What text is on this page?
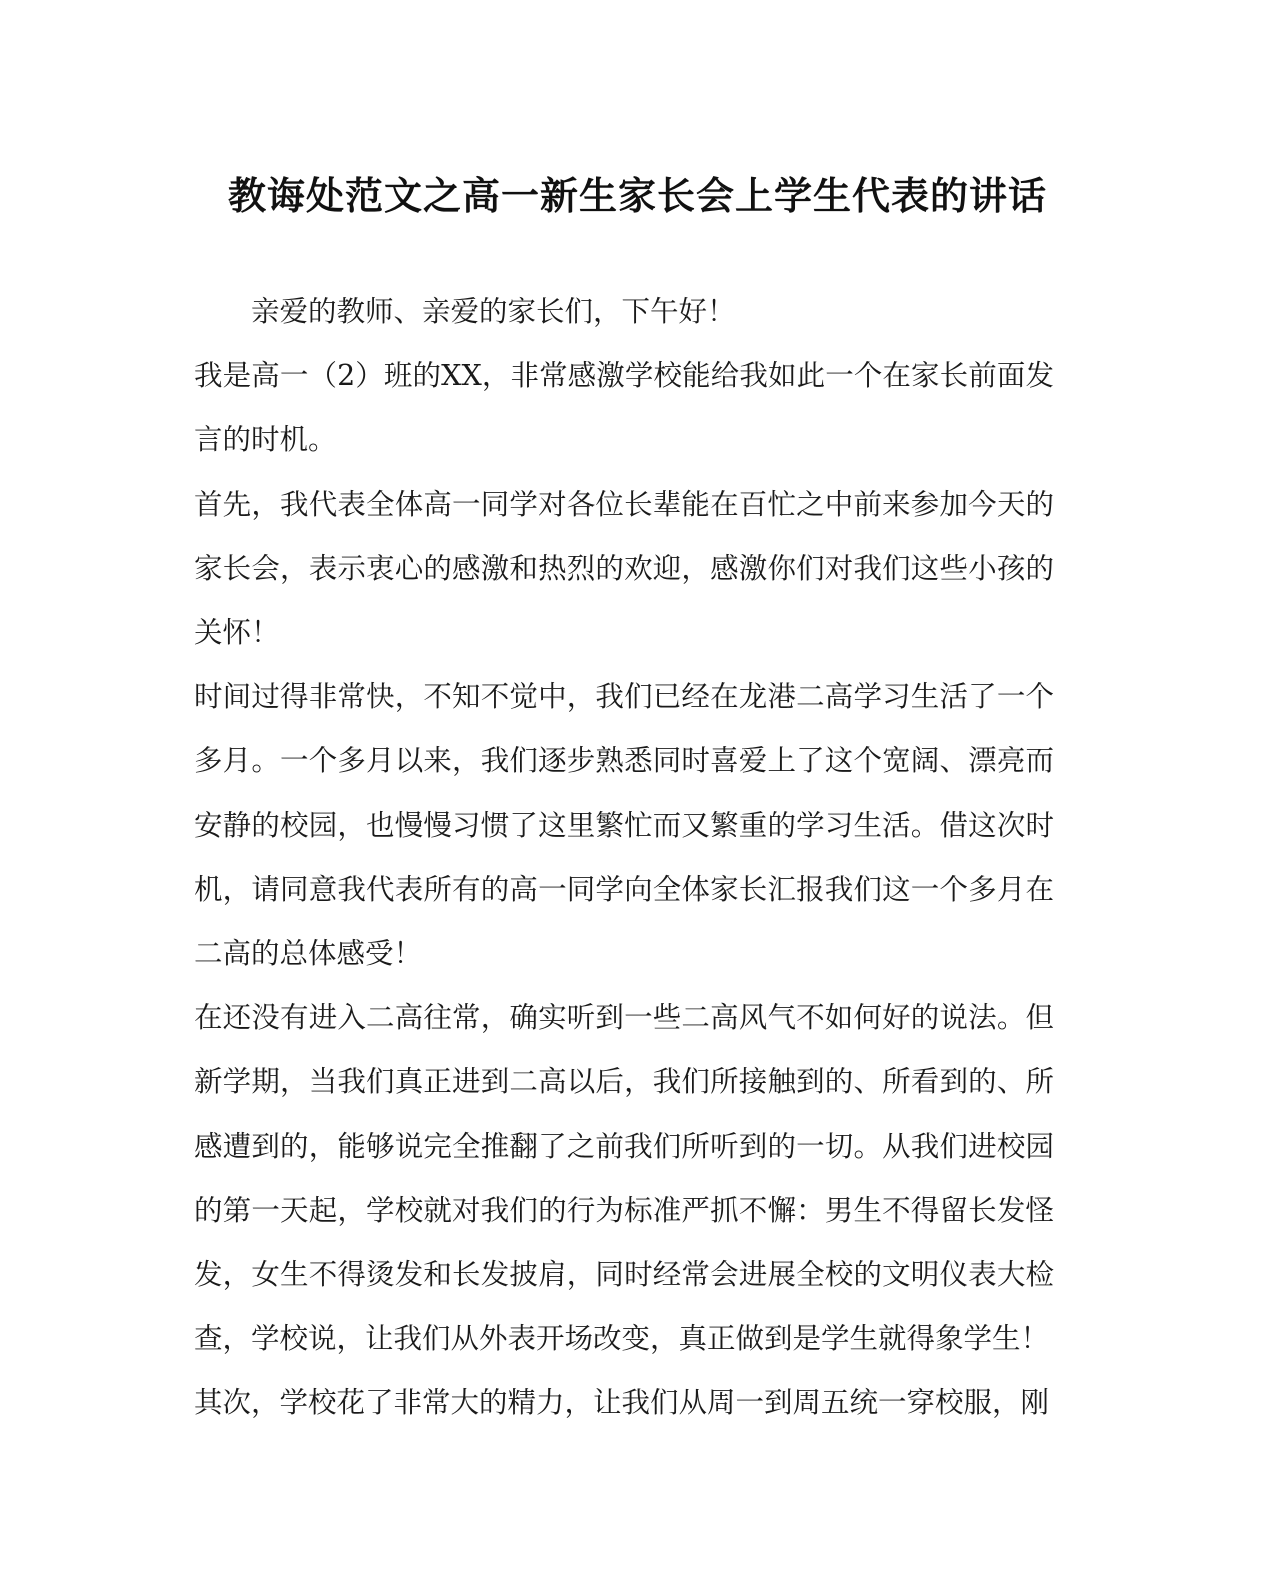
教诲处范文之高一新生家长会上学生代表的讲话

亲爱的教师、亲爱的家长们，下午好！

我是高一（2）班的XX，非常感激学校能给我如此一个在家长前面发言的时机。

首先，我代表全体高一同学对各位长辈能在百忙之中前来参加今天的家长会，表示衷心的感激和热烈的欢迎，感激你们对我们这些小孩的关怀！

时间过得非常快，不知不觉中，我们已经在龙港二高学习生活了一个多月。一个多月以来，我们逐步熟悉同时喜爱上了这个宽阔、漂亮而安静的校园，也慢慢习惯了这里繁忙而又繁重的学习生活。借这次时机，请同意我代表所有的高一同学向全体家长汇报我们这一个多月在二高的总体感受！

在还没有进入二高往常，确实听到一些二高风气不如何好的说法。但新学期，当我们真正进到二高以后，我们所接触到的、所看到的、所感遭到的，能够说完全推翻了之前我们所听到的一切。从我们进校园的第一天起，学校就对我们的行为标准严抓不懈：男生不得留长发怪发，女生不得烫发和长发披肩，同时经常会进展全校的文明仪表大检查，学校说，让我们从外表开场改变，真正做到是学生就得象学生！

其次，学校花了非常大的精力，让我们从周一到周五统一穿校服，刚
